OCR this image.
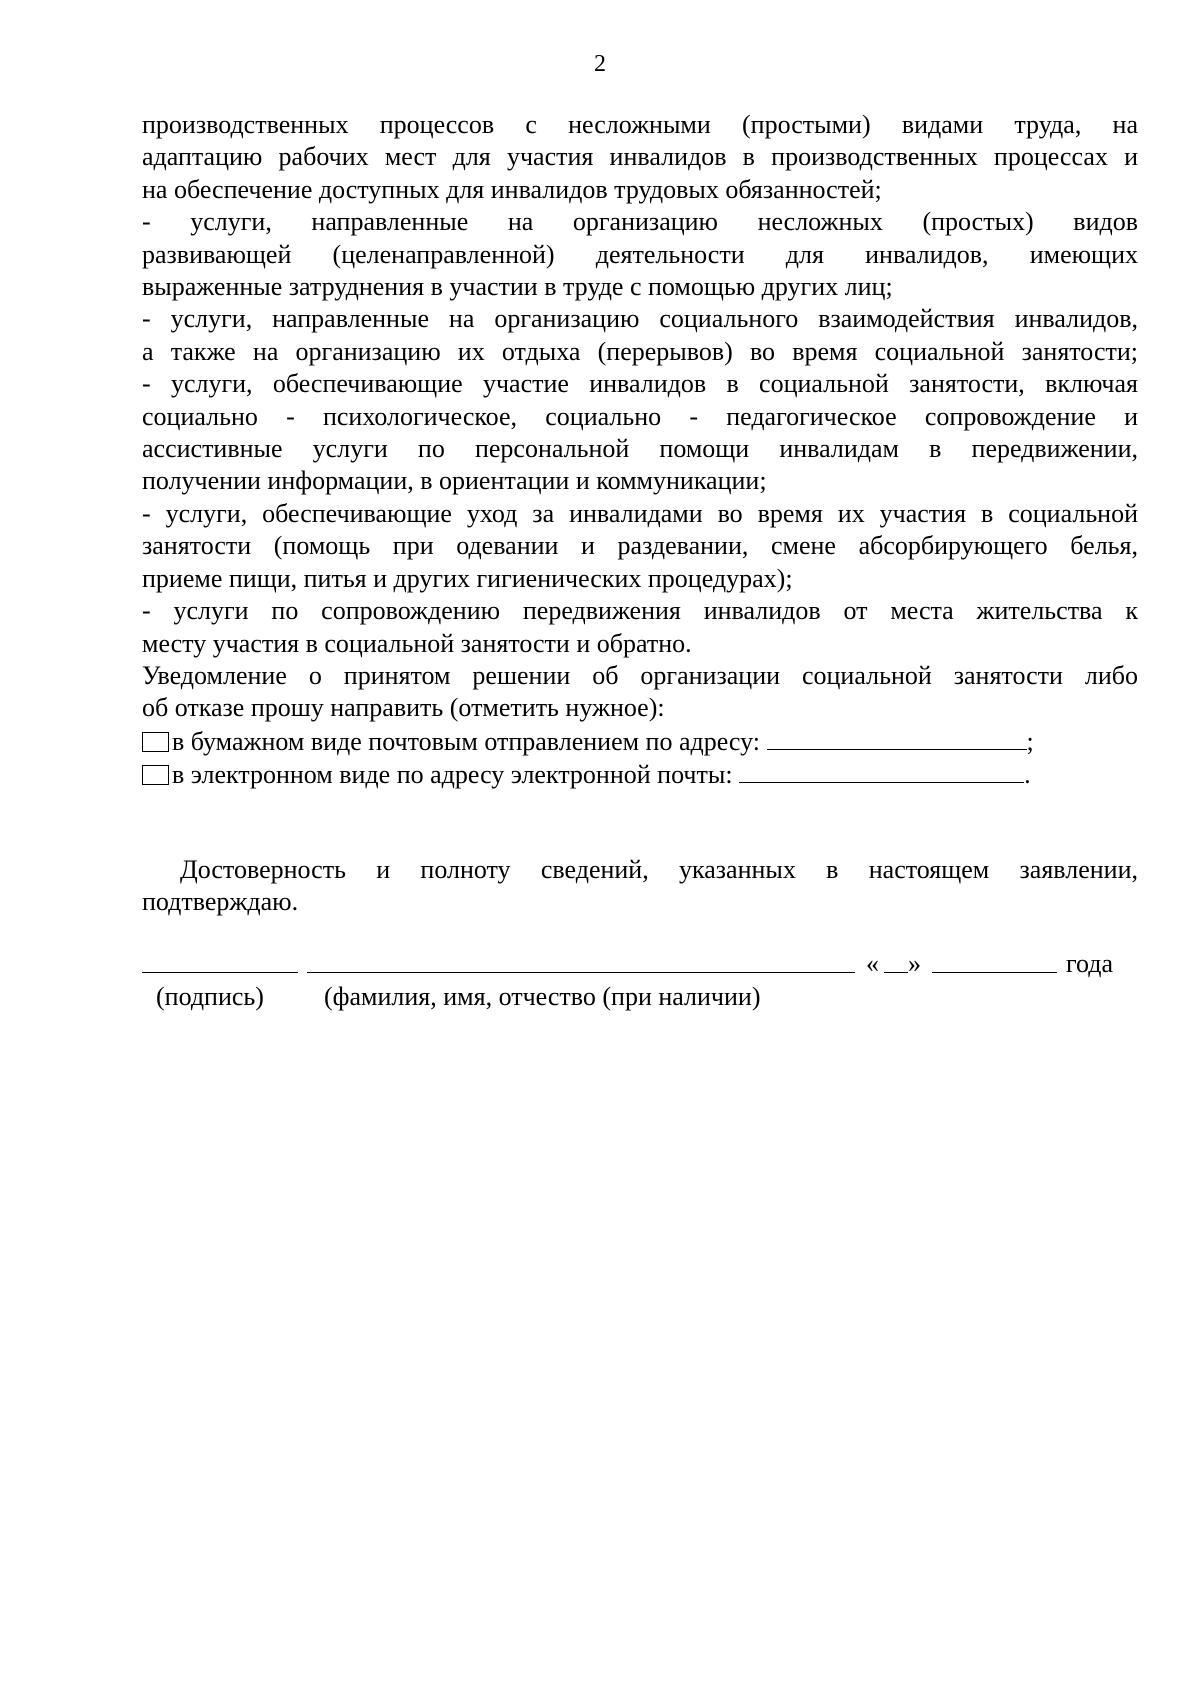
2

производственных процессов с несложными (простыми) видами труда, на

адаптацию рабочих мест для участия инвалидов в производственных процессах и

на обеспечение доступных для инвалидов трудовых обязанностей;

- услуги, направленные на организацию несложных (простых) видов

развивающей (целенаправленной) деятельности для инвалидов, имеющих

выраженные затруднения в участии в труде с помощью других лиц;

- услуги, направленные на организацию социального взаимодействия инвалидов,

а также на организацию их отдыха (перерывов) во время социальной занятости;

- услуги, обеспечивающие участие инвалидов в социальной занятости, включая

социально - психологическое, социально - педагогическое сопровождение и

ассистивные услуги по персональной помощи инвалидам в передвижении,

получении информации, в ориентации и коммуникации;

- услуги, обеспечивающие уход за инвалидами во время их участия в социальной

занятости (помощь при одевании и раздевании, смене абсорбирующего белья,

приеме пищи, питья и других гигиенических процедурах);

- услуги по сопровождению передвижения инвалидов от места жительства к

месту участия в социальной занятости и обратно.

Уведомление о принятом решении об организации социальной занятости либо

об отказе прошу направить (отметить нужное):

в бумажном виде почтовым отправлением по адресу:	;

в электронном виде по адресу электронной почты:	.

Достоверность и полноту сведений, указанных в настоящем заявлении,

подтверждаю.

« »	года
(подпись) (фамилия, имя, отчество (при наличии)
